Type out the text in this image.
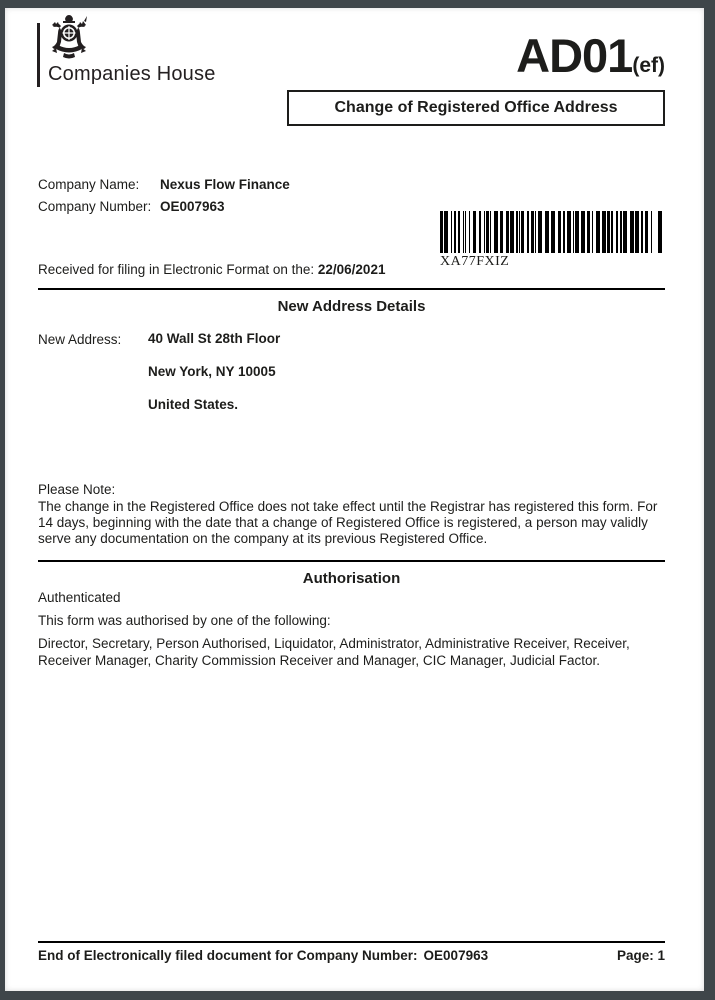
Companies House	AD01(ef)
Change of Registered Office Address
Company Name: Nexus Flow Finance
Company Number: OE007963
XA77FXIZ
Received for filing in Electronic Format on the: 22/06/2021
New Address Details
New Address: 40 Wall St 28th Floor
New York, NY 10005
United States.
Please Note:
The change in the Registered Office does not take effect until the Registrar has registered this form. For 14 days, beginning with the date that a change of Registered Office is registered, a person may validly serve any documentation on the company at its previous Registered Office.
Authorisation
Authenticated
This form was authorised by one of the following:
Director, Secretary, Person Authorised, Liquidator, Administrator, Administrative Receiver, Receiver, Receiver Manager, Charity Commission Receiver and Manager, CIC Manager, Judicial Factor.
End of Electronically filed document for Company Number: OE007963	Page: 1
